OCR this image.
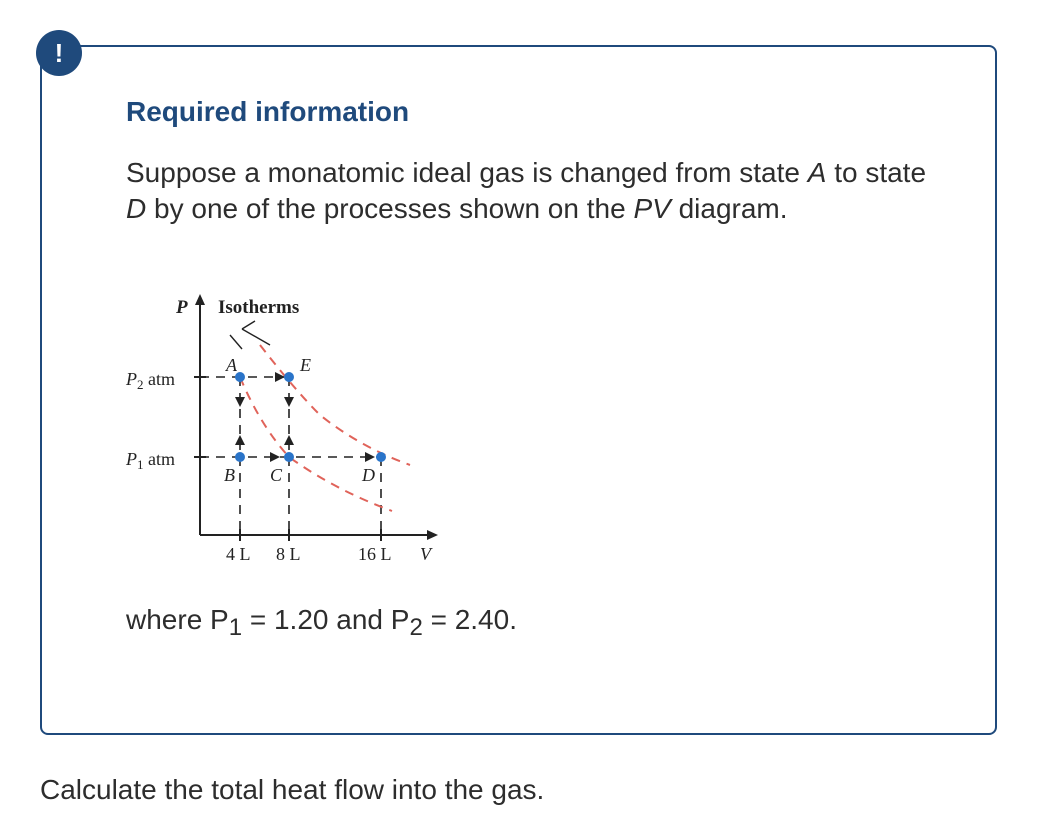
!
Required information
Suppose a monatomic ideal gas is changed from state A to state D by one of the processes shown on the PV diagram.
P Isotherms
$P_2$ atm
$P_1$ atm
A	E
B C	D
4 L 8 L	16 L V
where $P_1 = 1.20$ and $P_2 = 2.40$.
Calculate the total heat flow into the gas.
